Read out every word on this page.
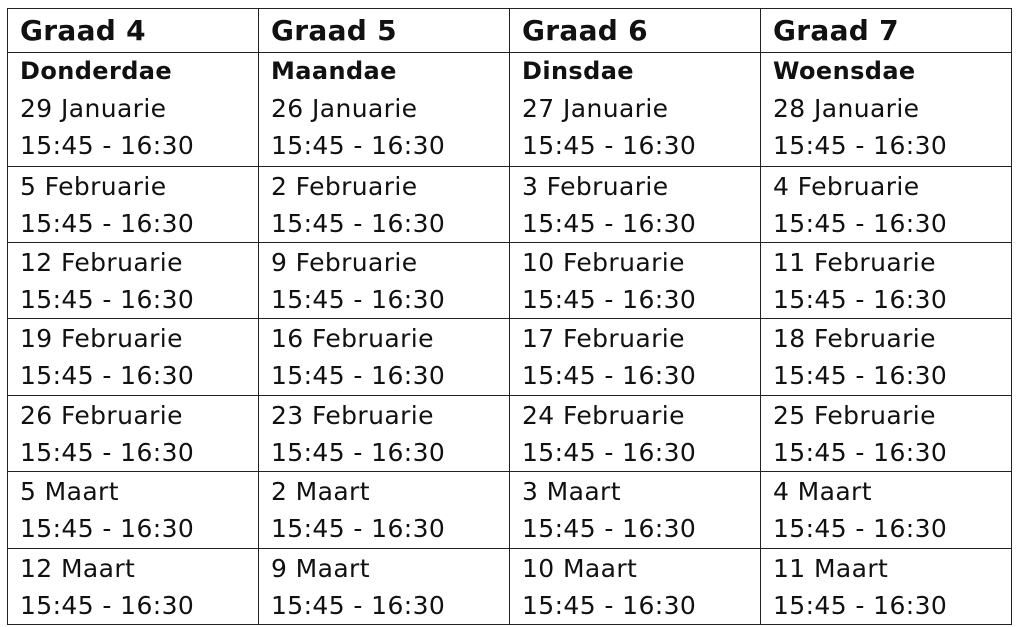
Graad 4	Graad 5	Graad 6	Graad 7

Donderdae
29 Januarie
15:45 - 16:30	Maandae
26 Januarie
15:45 - 16:30	Dinsdae
27 Januarie
15:45 - 16:30	Woensdae
28 Januarie
15:45 - 16:30

5 Februarie
15:45 - 16:30	2 Februarie
15:45 - 16:30	3 Februarie
15:45 - 16:30	4 Februarie
15:45 - 16:30

12 Februarie
15:45 - 16:30	9 Februarie
15:45 - 16:30	10 Februarie
15:45 - 16:30	11 Februarie
15:45 - 16:30

19 Februarie
15:45 - 16:30	16 Februarie
15:45 - 16:30	17 Februarie
15:45 - 16:30	18 Februarie
15:45 - 16:30

26 Februarie
15:45 - 16:30	23 Februarie
15:45 - 16:30	24 Februarie
15:45 - 16:30	25 Februarie
15:45 - 16:30

5 Maart
15:45 - 16:30	2 Maart
15:45 - 16:30	3 Maart
15:45 - 16:30	4 Maart
15:45 - 16:30

12 Maart
15:45 - 16:30	9 Maart
15:45 - 16:30	10 Maart
15:45 - 16:30	11 Maart
15:45 - 16:30
